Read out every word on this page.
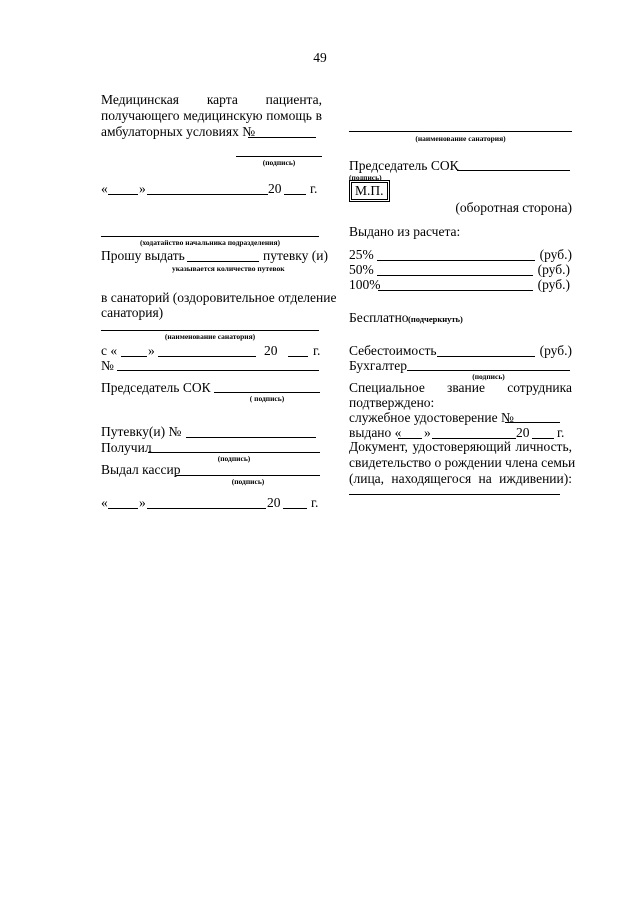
49
Медицинская карта пациента,
получающего медицинскую помощь в
амбулаторных условиях №
(подпись)
« »	20 г.
(ходатайство начальника подразделения)
Прошу выдать	путевку (и)
указывается количество путевок
в санаторий (оздоровительное отделение
санатория)
(наименование санатория)
с « »	20	г.
№
Председатель СОК
( подпись)
Путевку(и) №
Получил
(подпись)
Выдал кассир
(подпись)
« »	20 г.
(наименование санатория)
Председатель СОК
(подпись)
М.П.
(оборотная сторона)
Выдано из расчета:
25%	(руб.)
50%	(руб.)
100%	(руб.)
Бесплатно (подчеркнуть)
Себестоимость	(руб.)
Бухгалтер
(подпись)
Специальное звание сотрудника
подтверждено:
служебное удостоверение №
выдано « »	20 г.
Документ, удостоверяющий личность,
свидетельство о рождении члена семьи
(лица, находящегося на иждивении):
